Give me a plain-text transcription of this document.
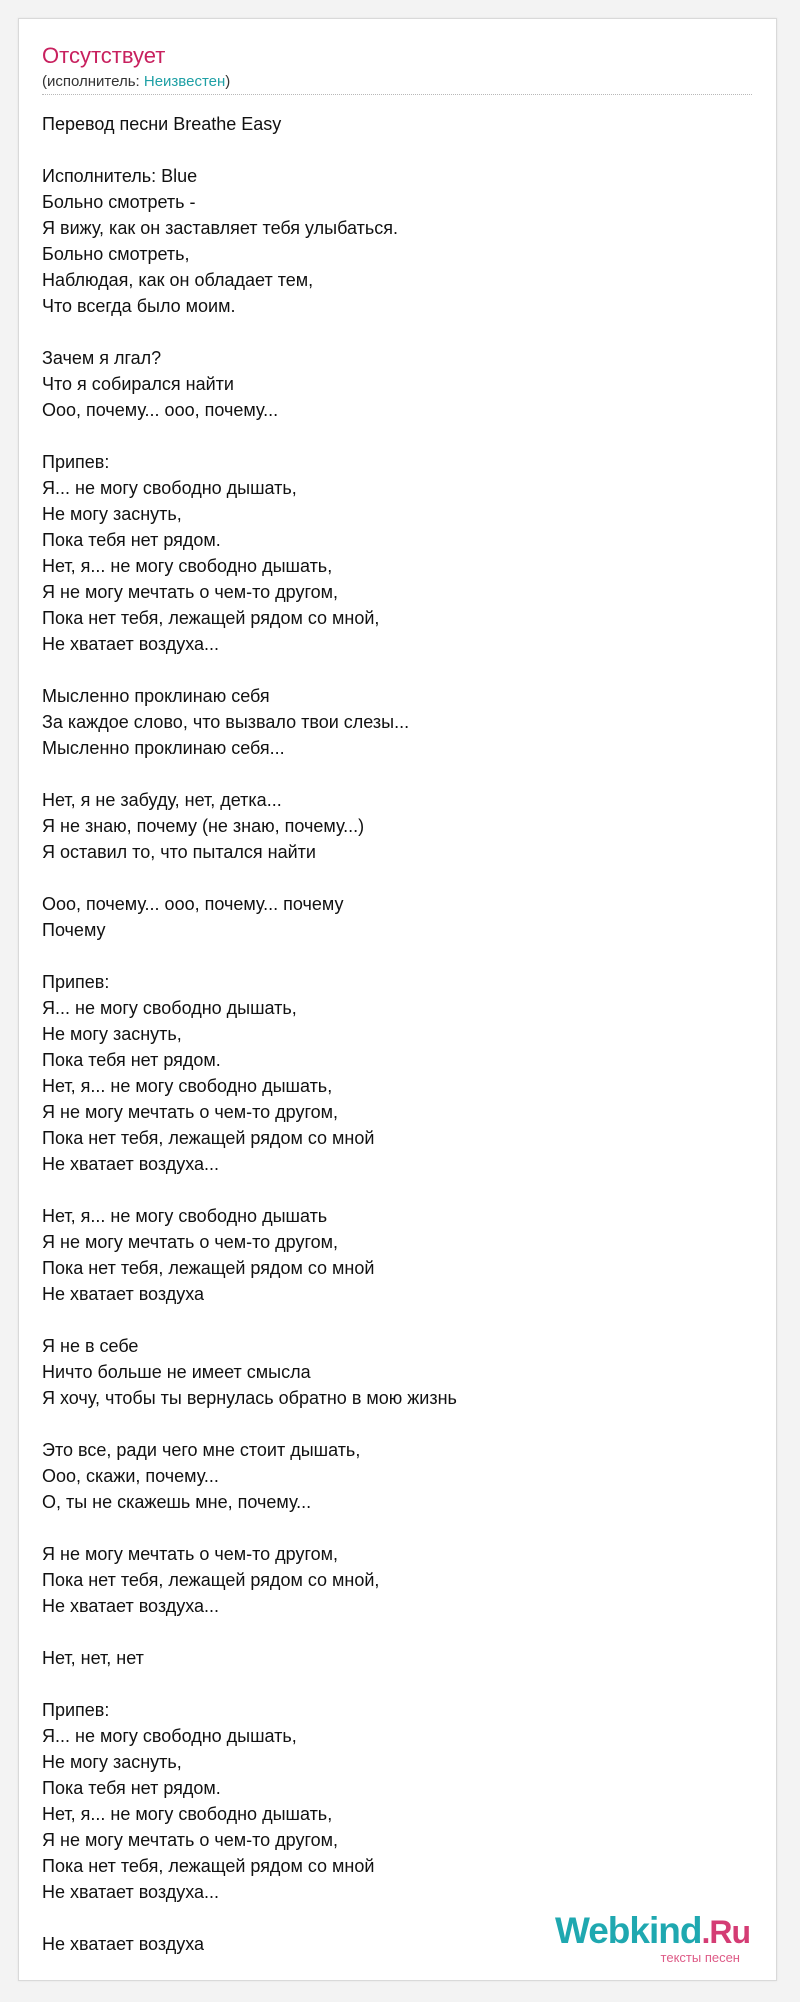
Отсутствует
(исполнитель: Неизвестен)
Перевод песни Breathe Easy
Исполнитель: Blue
Больно смотреть -
Я вижу, как он заставляет тебя улыбаться.
Больно смотреть,
Наблюдая, как он обладает тем,
Что всегда было моим.
Зачем я лгал?
Что я собирался найти
Ооо, почему... ооо, почему...
Припев:
Я... не могу свободно дышать,
Не могу заснуть,
Пока тебя нет рядом.
Нет, я... не могу свободно дышать,
Я не могу мечтать о чем-то другом,
Пока нет тебя, лежащей рядом со мной,
Не хватает воздуха...
Мысленно проклинаю себя
За каждое слово, что вызвало твои слезы...
Мысленно проклинаю себя...
Нет, я не забуду, нет, детка...
Я не знаю, почему (не знаю, почему...)
Я оставил то, что пытался найти
Ооо, почему... ооо, почему... почему
Почему
Припев:
Я... не могу свободно дышать,
Не могу заснуть,
Пока тебя нет рядом.
Нет, я... не могу свободно дышать,
Я не могу мечтать о чем-то другом,
Пока нет тебя, лежащей рядом со мной
Не хватает воздуха...
Нет, я... не могу свободно дышать
Я не могу мечтать о чем-то другом,
Пока нет тебя, лежащей рядом со мной
Не хватает воздуха
Я не в себе
Ничто больше не имеет смысла
Я хочу, чтобы ты вернулась обратно в мою жизнь
Это все, ради чего мне стоит дышать,
Ооо, скажи, почему...
О, ты не скажешь мне, почему...
Я не могу мечтать о чем-то другом,
Пока нет тебя, лежащей рядом со мной,
Не хватает воздуха...
Нет, нет, нет
Припев:
Я... не могу свободно дышать,
Не могу заснуть,
Пока тебя нет рядом.
Нет, я... не могу свободно дышать,
Я не могу мечтать о чем-то другом,
Пока нет тебя, лежащей рядом со мной
Не хватает воздуха...
Не хватает воздуха	Webkind.Ru
тексты песен
